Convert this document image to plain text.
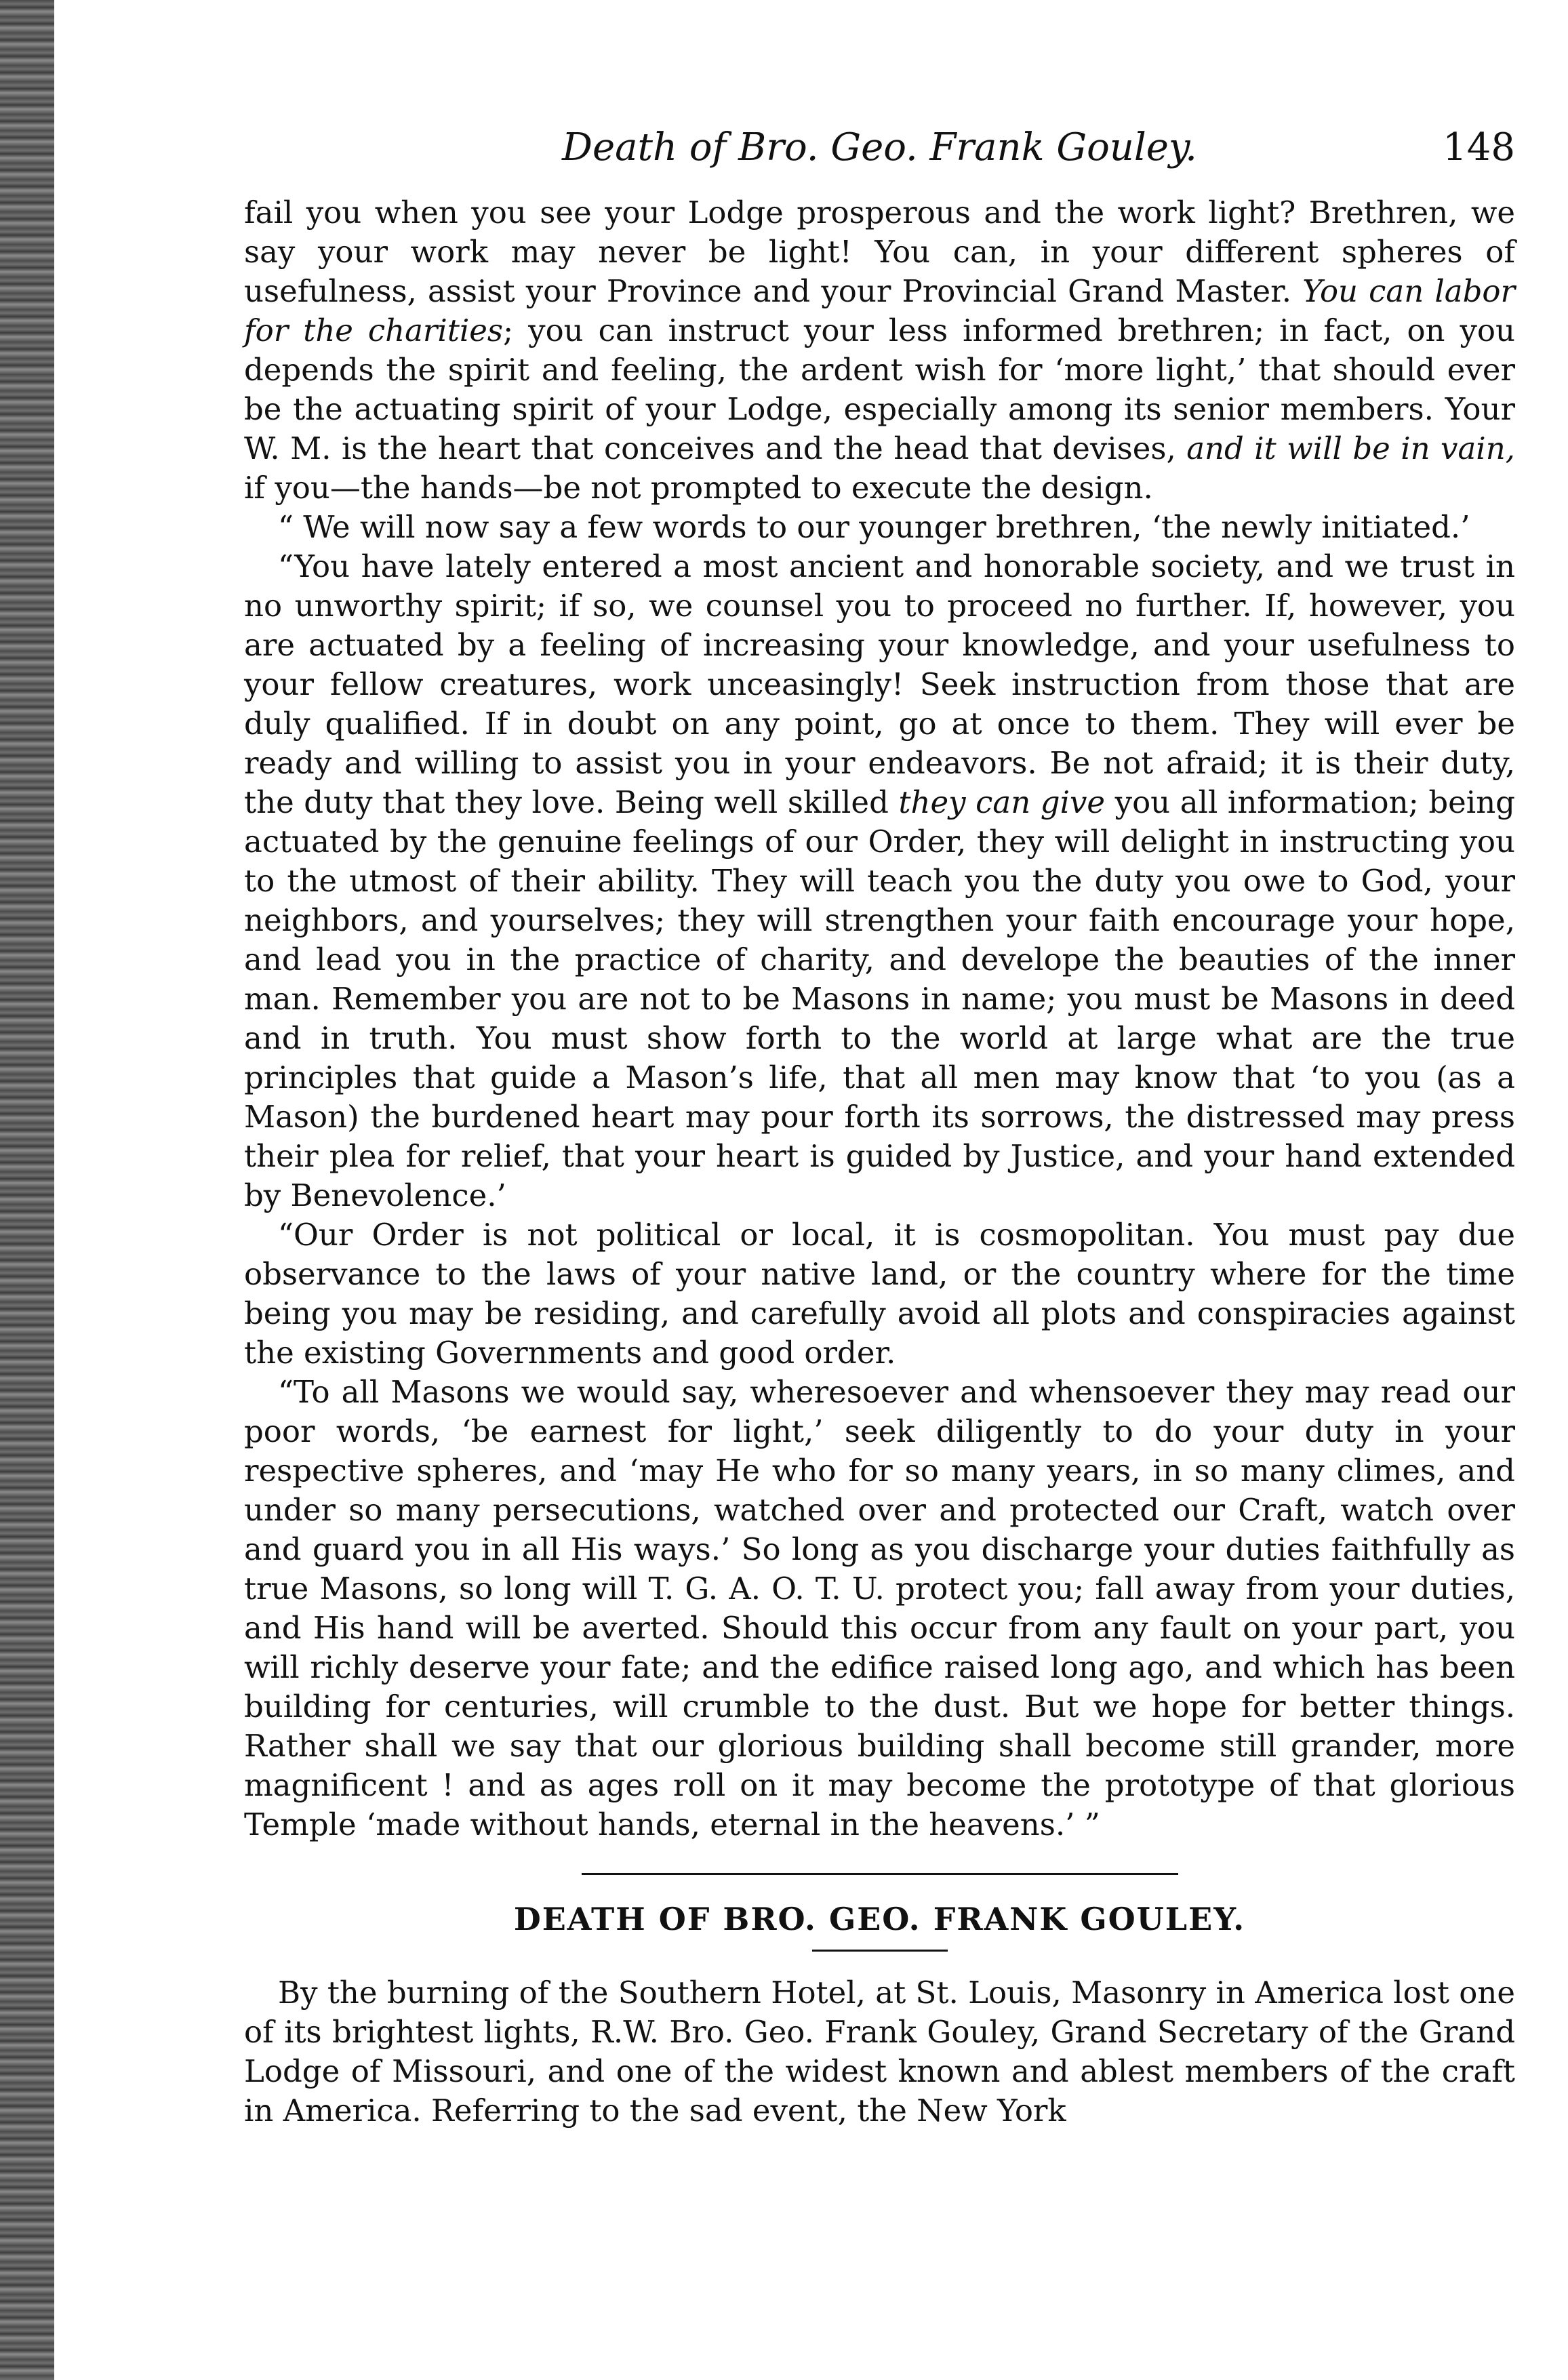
Death of Bro. Geo. Frank Gouley.	148

fail you when you see your Lodge prosperous and the work light? Brethren, we say your work may never be light! You can, in your different spheres of usefulness, assist your Province and your Provincial Grand Master. You can labor for the charities; you can instruct your less informed brethren; in fact, on you depends the spirit and feeling, the ardent wish for ‘more light,’ that should ever be the actuating spirit of your Lodge, especially among its senior members. Your W. M. is the heart that conceives and the head that devises, and it will be in vain, if you—the hands—be not prompted to execute the design.

“ We will now say a few words to our younger brethren, ‘the newly initiated.’

“You have lately entered a most ancient and honorable society, and we trust in no unworthy spirit; if so, we counsel you to proceed no further. If, however, you are actuated by a feeling of increasing your knowledge, and your usefulness to your fellow creatures, work unceasingly! Seek instruction from those that are duly qualified. If in doubt on any point, go at once to them. They will ever be ready and willing to assist you in your endeavors. Be not afraid; it is their duty, the duty that they love. Being well skilled they can give you all information; being actuated by the genuine feelings of our Order, they will delight in instructing you to the utmost of their ability. They will teach you the duty you owe to God, your neighbors, and yourselves; they will strengthen your faith encourage your hope, and lead you in the practice of charity, and develope the beauties of the inner man. Remember you are not to be Masons in name; you must be Masons in deed and in truth. You must show forth to the world at large what are the true principles that guide a Mason’s life, that all men may know that ‘to you (as a Mason) the burdened heart may pour forth its sorrows, the distressed may press their plea for relief, that your heart is guided by Justice, and your hand extended by Benevolence.’

“Our Order is not political or local, it is cosmopolitan. You must pay due observance to the laws of your native land, or the country where for the time being you may be residing, and carefully avoid all plots and conspiracies against the existing Governments and good order.

“To all Masons we would say, wheresoever and whensoever they may read our poor words, ‘be earnest for light,’ seek diligently to do your duty in your respective spheres, and ‘may He who for so many years, in so many climes, and under so many persecutions, watched over and protected our Craft, watch over and guard you in all His ways.’ So long as you discharge your duties faithfully as true Masons, so long will T. G. A. O. T. U. protect you; fall away from your duties, and His hand will be averted. Should this occur from any fault on your part, you will richly deserve your fate; and the edifice raised long ago, and which has been building for centuries, will crumble to the dust. But we hope for better things. Rather shall we say that our glorious building shall become still grander, more magnificent ! and as ages roll on it may become the prototype of that glorious Temple ‘made without hands, eternal in the heavens.’ ”

DEATH OF BRO. GEO. FRANK GOULEY.

By the burning of the Southern Hotel, at St. Louis, Masonry in America lost one of its brightest lights, R.W. Bro. Geo. Frank Gouley, Grand Secretary of the Grand Lodge of Missouri, and one of the widest known and ablest members of the craft in America. Referring to the sad event, the New York
